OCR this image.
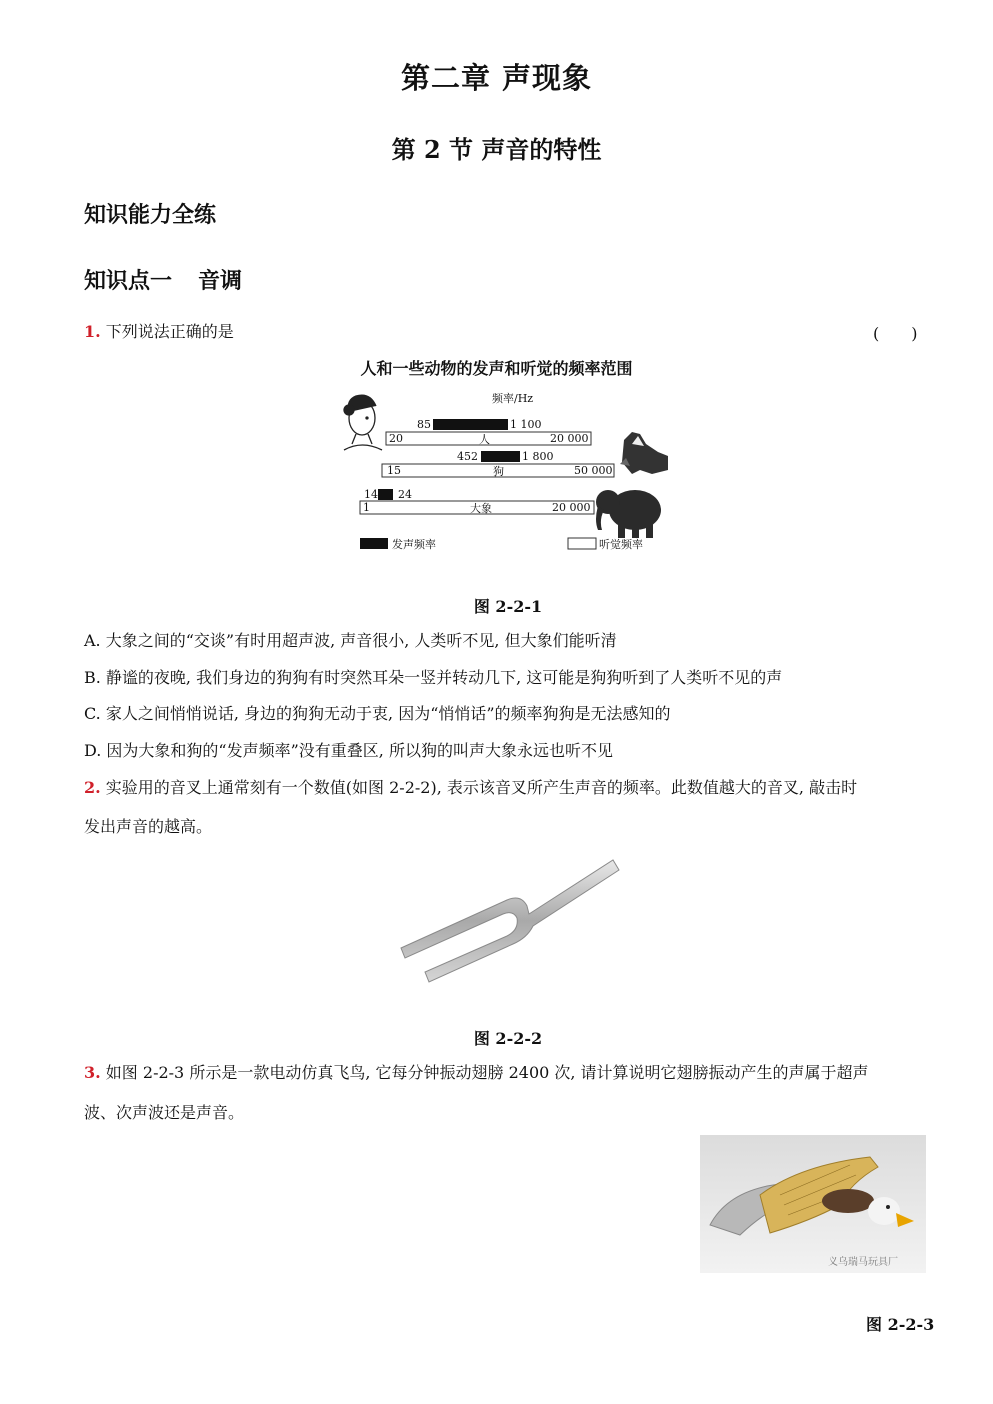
第二章 声现象
第 2 节 声音的特性
知识能力全练
知识点一 音调
1. 下列说法正确的是	(　　)
人和一些动物的发声和听觉的频率范围
频率/Hz
85	1 100
20	人	20 000
452	1 800
15	狗	50 000
14 24
1	大象	20 000
发声频率	听觉频率
图 2-2-1
A. 大象之间的“交谈”有时用超声波, 声音很小, 人类听不见, 但大象们能听清
B. 静谧的夜晚, 我们身边的狗狗有时突然耳朵一竖并转动几下, 这可能是狗狗听到了人类听不见的声
C. 家人之间悄悄说话, 身边的狗狗无动于衷, 因为“悄悄话”的频率狗狗是无法感知的
D. 因为大象和狗的“发声频率”没有重叠区, 所以狗的叫声大象永远也听不见
2. 实验用的音叉上通常刻有一个数值(如图 2-2-2), 表示该音叉所产生声音的频率。此数值越大的音叉, 敲击时
发出声音的越高。
图 2-2-2
3. 如图 2-2-3 所示是一款电动仿真飞鸟, 它每分钟振动翅膀 2400 次, 请计算说明它翅膀振动产生的声属于超声
波、次声波还是声音。
义乌瑞马玩具厂
图 2-2-3
